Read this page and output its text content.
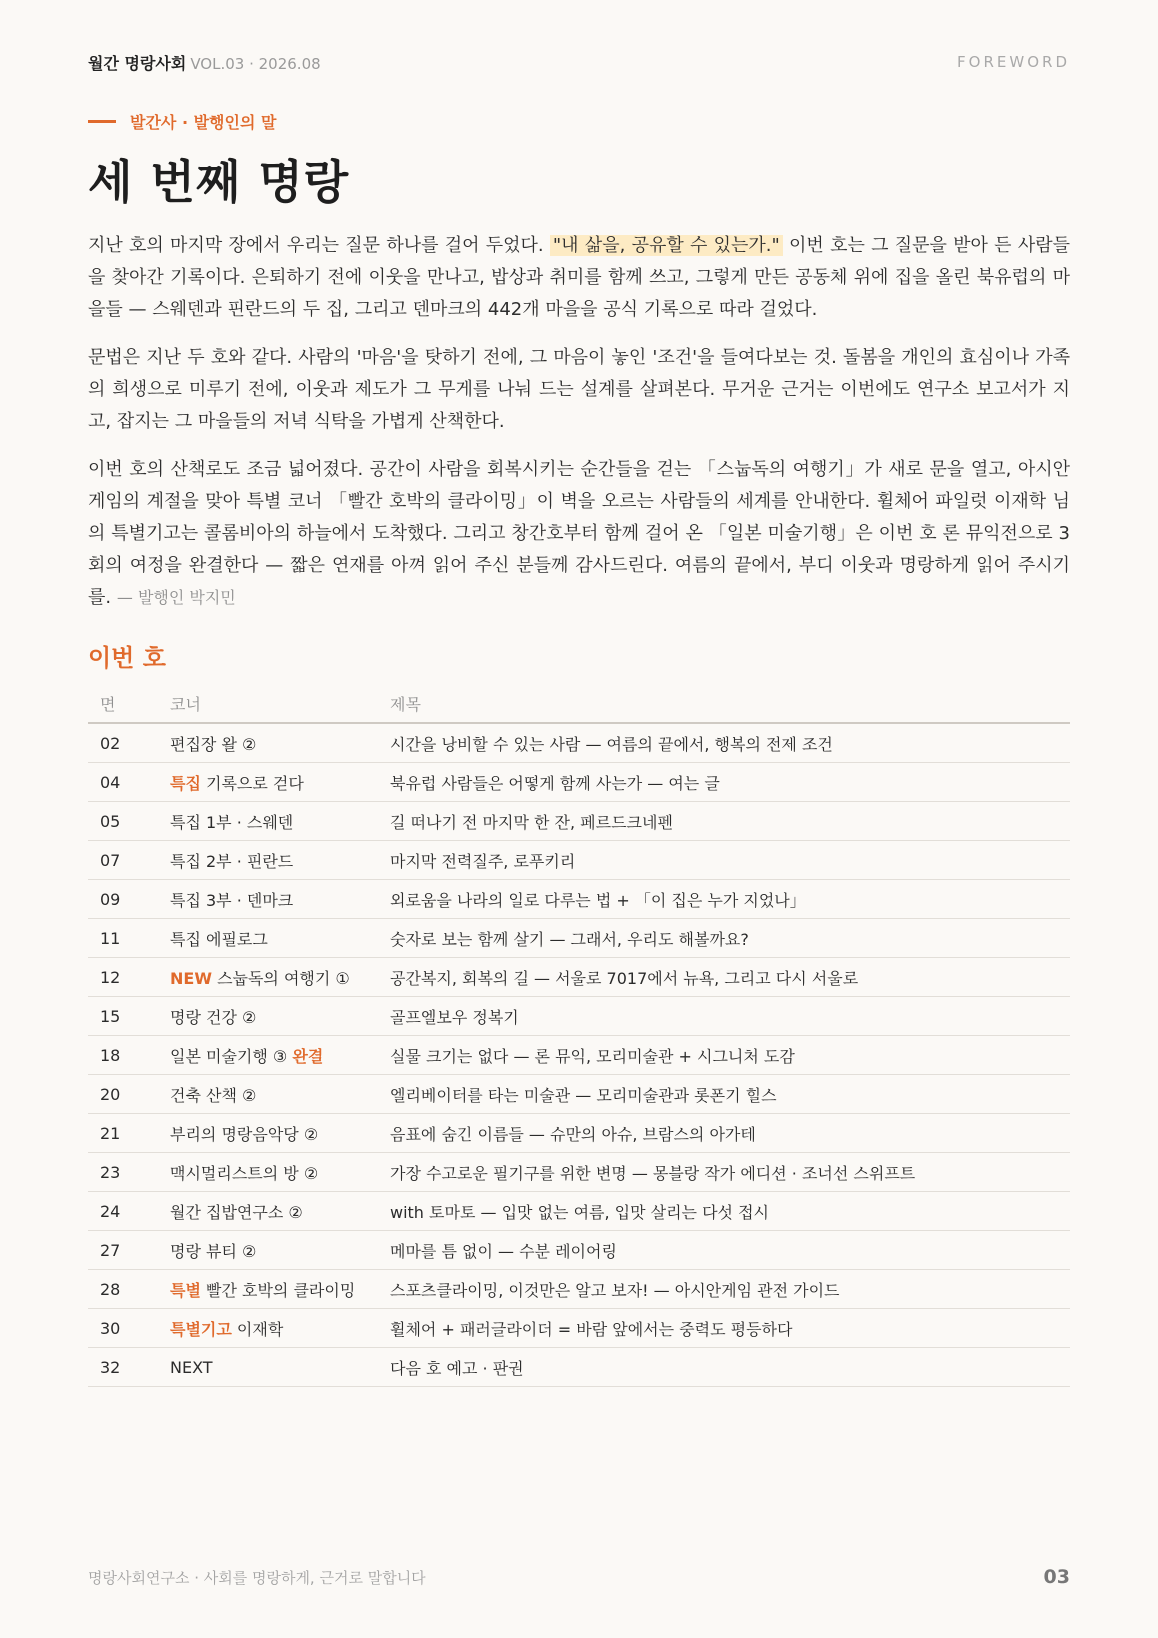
월간 명랑사회 VOL.03 · 2026.08	FOREWORD
발간사 · 발행인의 말
세 번째 명랑

지난 호의 마지막 장에서 우리는 질문 하나를 걸어 두었다. "내 삶을, 공유할 수 있는가." 이번 호는 그 질문을 받아 든 사람들을 찾아간 기록이다. 은퇴하기 전에 이웃을 만나고, 밥상과 취미를 함께 쓰고, 그렇게 만든 공동체 위에 집을 올린 북유럽의 마을들 — 스웨덴과 핀란드의 두 집, 그리고 덴마크의 442개 마을을 공식 기록으로 따라 걸었다.

문법은 지난 두 호와 같다. 사람의 '마음'을 탓하기 전에, 그 마음이 놓인 '조건'을 들여다보는 것. 돌봄을 개인의 효심이나 가족의 희생으로 미루기 전에, 이웃과 제도가 그 무게를 나눠 드는 설계를 살펴본다. 무거운 근거는 이번에도 연구소 보고서가 지고, 잡지는 그 마을들의 저녁 식탁을 가볍게 산책한다.

이번 호의 산책로도 조금 넓어졌다. 공간이 사람을 회복시키는 순간들을 걷는 「스눕독의 여행기」가 새로 문을 열고, 아시안게임의 계절을 맞아 특별 코너 「빨간 호박의 클라이밍」이 벽을 오르는 사람들의 세계를 안내한다. 휠체어 파일럿 이재학 님의 특별기고는 콜롬비아의 하늘에서 도착했다. 그리고 창간호부터 함께 걸어 온 「일본 미술기행」은 이번 호 론 뮤익전으로 3회의 여정을 완결한다 — 짧은 연재를 아껴 읽어 주신 분들께 감사드린다. 여름의 끝에서, 부디 이웃과 명랑하게 읽어 주시기를. — 발행인 박지민

이번 호
면	코너	제목
02	편집장 왈 ②	시간을 낭비할 수 있는 사람 — 여름의 끝에서, 행복의 전제 조건
04	특집 기록으로 걷다	북유럽 사람들은 어떻게 함께 사는가 — 여는 글
05	특집 1부 · 스웨덴	길 떠나기 전 마지막 한 잔, 페르드크네펜
07	특집 2부 · 핀란드	마지막 전력질주, 로푸키리
09	특집 3부 · 덴마크	외로움을 나라의 일로 다루는 법 + 「이 집은 누가 지었나」
11	특집 에필로그	숫자로 보는 함께 살기 — 그래서, 우리도 해볼까요?
12	NEW 스눕독의 여행기 ①	공간복지, 회복의 길 — 서울로 7017에서 뉴욕, 그리고 다시 서울로
15	명랑 건강 ②	골프엘보우 정복기
18	일본 미술기행 ③ 완결	실물 크기는 없다 — 론 뮤익, 모리미술관 + 시그니처 도감
20	건축 산책 ②	엘리베이터를 타는 미술관 — 모리미술관과 롯폰기 힐스
21	부리의 명랑음악당 ②	음표에 숨긴 이름들 — 슈만의 아슈, 브람스의 아가테
23	맥시멀리스트의 방 ②	가장 수고로운 필기구를 위한 변명 — 몽블랑 작가 에디션 · 조너선 스위프트
24	월간 집밥연구소 ②	with 토마토 — 입맛 없는 여름, 입맛 살리는 다섯 접시
27	명랑 뷰티 ②	메마를 틈 없이 — 수분 레이어링
28	특별 빨간 호박의 클라이밍	스포츠클라이밍, 이것만은 알고 보자! — 아시안게임 관전 가이드
30	특별기고 이재학	휠체어 + 패러글라이더 = 바람 앞에서는 중력도 평등하다
32	NEXT	다음 호 예고 · 판권
명랑사회연구소 · 사회를 명랑하게, 근거로 말합니다	03
